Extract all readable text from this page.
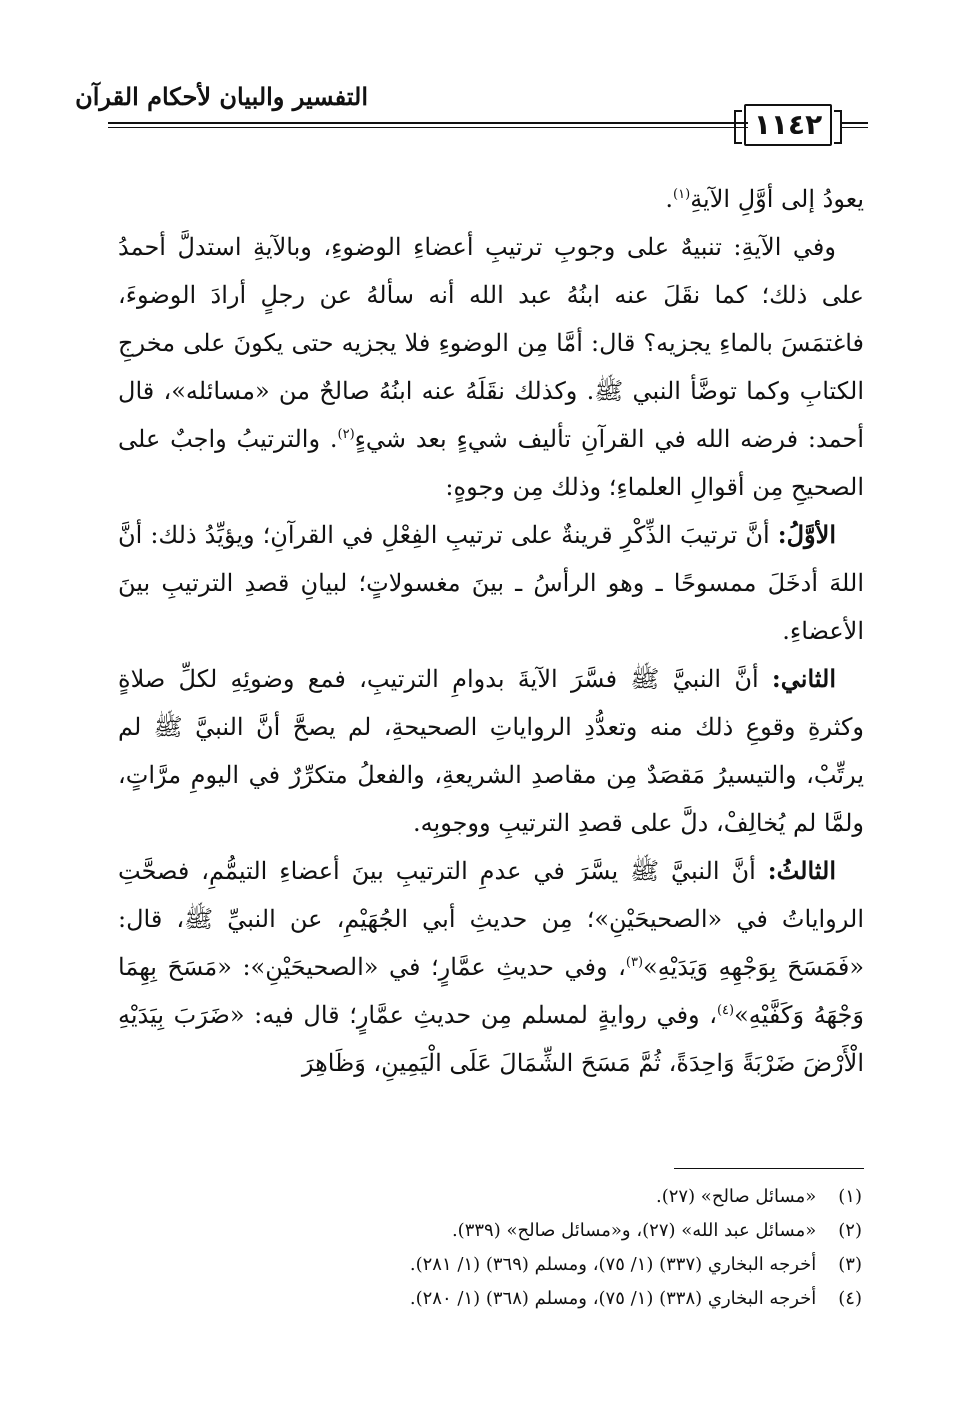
التفسير والبيان لأحكام القرآن
١١٤٢

يعودُ إلى أوَّلِ الآيةِ$^{(١)}$.

وفي الآيةِ: تنبيهٌ على وجوبِ ترتيبِ أعضاءِ الوضوءِ، وبالآيةِ استدلَّ أحمدُ على ذلك؛ كما نقَلَ عنه ابنُهُ عبد الله أنه سألهُ عن رجلٍ أرادَ الوضوءَ، فاغتمَسَ بالماءِ يجزيه؟ قال: أمَّا مِن الوضوءِ فلا يجزيه حتى يكونَ على مخرجِ الكتابِ وكما توضَّأ النبي ﷺ. وكذلك نقَلَهُ عنه ابنُهُ صالحٌ من «مسائله»، قال أحمد: فرضه الله في القرآنِ تأليف شيءٍ بعد شيءٍ$^{(٢)}$. والترتيبُ واجبٌ على الصحيحِ مِن أقوالِ العلماءِ؛ وذلك مِن وجوهٍ:

الأوَّلُ: أنَّ ترتيبَ الذِّكْرِ قرينةٌ على ترتيبِ الفِعْلِ في القرآنِ؛ ويؤيِّدُ ذلك: أنَّ اللهَ أدخَلَ ممسوحًا ـ وهو الرأسُ ـ بينَ مغسولاتٍ؛ لبيانِ قصدِ الترتيبِ بينَ الأعضاءِ.

الثاني: أنَّ النبيَّ ﷺ فسَّرَ الآيةَ بدوامِ الترتيبِ، فمع وضوئِهِ لكلِّ صلاةٍ وكثرةِ وقوعِ ذلك منه وتعدُّدِ الرواياتِ الصحيحةِ، لم يصحَّ أنَّ النبيَّ ﷺ لم يرتِّبْ، والتيسيرُ مَقصَدٌ مِن مقاصدِ الشريعةِ، والفعلُ متكرِّرٌ في اليومِ مرَّاتٍ، ولمَّا لم يُخالِفْ، دلَّ على قصدِ الترتيبِ ووجوبِه.

الثالثُ: أنَّ النبيَّ ﷺ يسَّرَ في عدمِ الترتيبِ بينَ أعضاءِ التيمُّمِ، فصحَّتِ الرواياتُ في «الصحيحَيْنِ»؛ مِن حديثِ أبي الجُهَيْمِ، عن النبيِّ ﷺ، قال: «فَمَسَحَ بِوَجْهِهِ وَيَدَيْهِ»$^{(٣)}$، وفي حديثِ عمَّارٍ؛ في «الصحيحَيْنِ»: «مَسَحَ بِهِمَا وَجْهَهُ وَكَفَّيْهِ»$^{(٤)}$، وفي روايةٍ لمسلم مِن حديثِ عمَّارٍ؛ قال فيه: «ضَرَبَ بِيَدَيْهِ الْأَرْضَ ضَرْبَةً وَاحِدَةً، ثُمَّ مَسَحَ الشِّمَالَ عَلَى الْيَمِينِ، وَظَاهِرَ

(١) «مسائل صالح» (٢٧).
(٢) «مسائل عبد الله» (٢٧)، و«مسائل صالح» (٣٣٩).
(٣) أخرجه البخاري (٣٣٧) (١/ ٧٥)، ومسلم (٣٦٩) (١/ ٢٨١).
(٤) أخرجه البخاري (٣٣٨) (١/ ٧٥)، ومسلم (٣٦٨) (١/ ٢٨٠).
